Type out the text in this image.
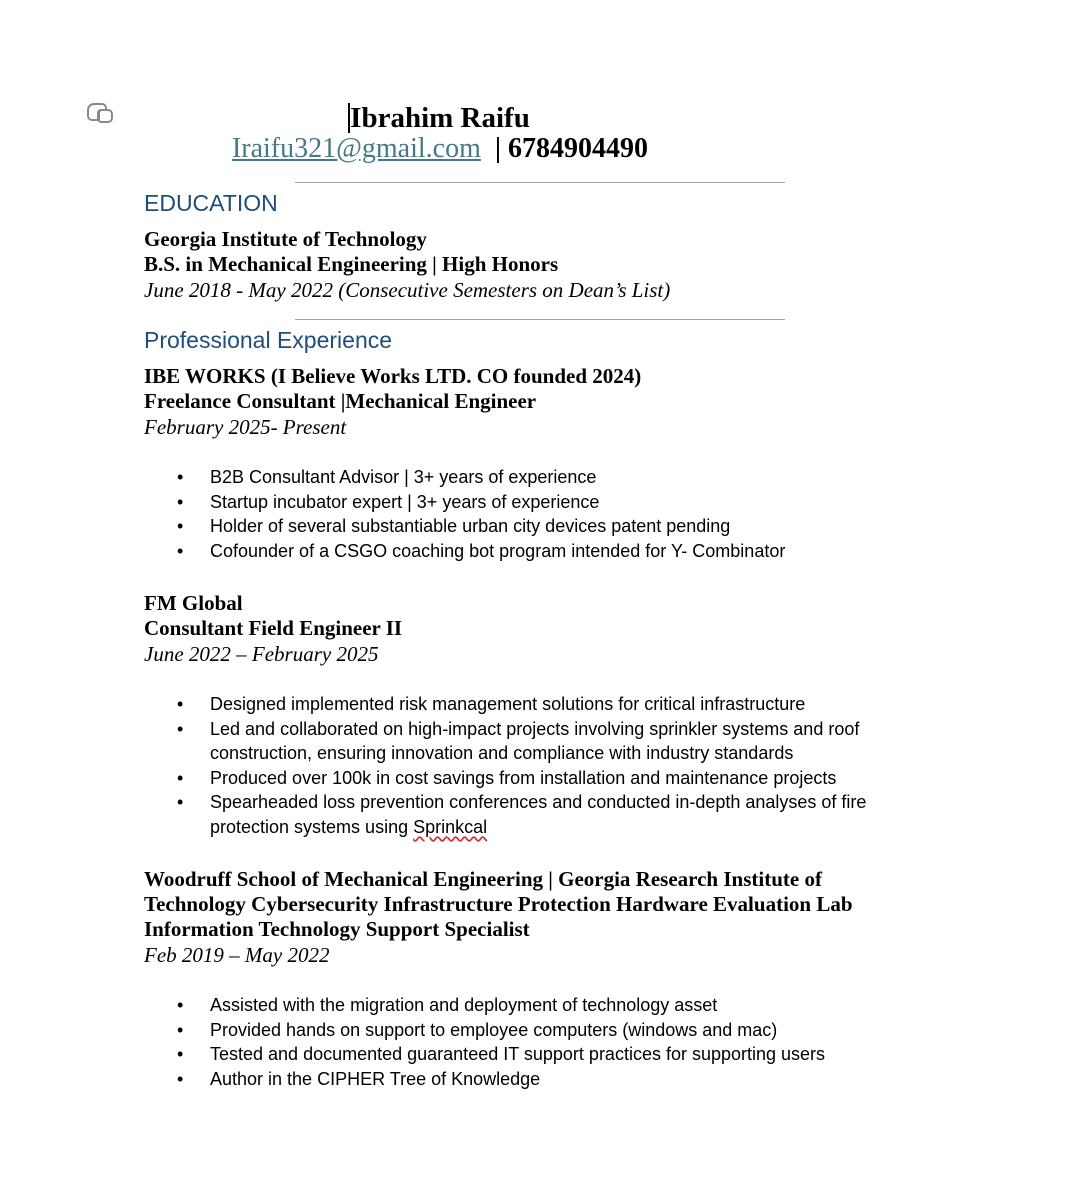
Ibrahim Raifu
Iraifu321@gmail.com | 6784904490
EDUCATION
Georgia Institute of Technology
B.S. in Mechanical Engineering | High Honors
June 2018 - May 2022 (Consecutive Semesters on Dean’s List)
Professional Experience
IBE WORKS (I Believe Works LTD. CO founded 2024)
Freelance Consultant |Mechanical Engineer
February 2025- Present
• B2B Consultant Advisor | 3+ years of experience
• Startup incubator expert | 3+ years of experience
• Holder of several substantiable urban city devices patent pending
• Cofounder of a CSGO coaching bot program intended for Y- Combinator
FM Global
Consultant Field Engineer II
June 2022 – February 2025
• Designed implemented risk management solutions for critical infrastructure
• Led and collaborated on high-impact projects involving sprinkler systems and roof construction, ensuring innovation and compliance with industry standards
• Produced over 100k in cost savings from installation and maintenance projects
• Spearheaded loss prevention conferences and conducted in-depth analyses of fire protection systems using Sprinkcal
Woodruff School of Mechanical Engineering | Georgia Research Institute of
Technology Cybersecurity Infrastructure Protection Hardware Evaluation Lab
Information Technology Support Specialist
Feb 2019 – May 2022
• Assisted with the migration and deployment of technology asset
• Provided hands on support to employee computers (windows and mac)
• Tested and documented guaranteed IT support practices for supporting users
• Author in the CIPHER Tree of Knowledge
